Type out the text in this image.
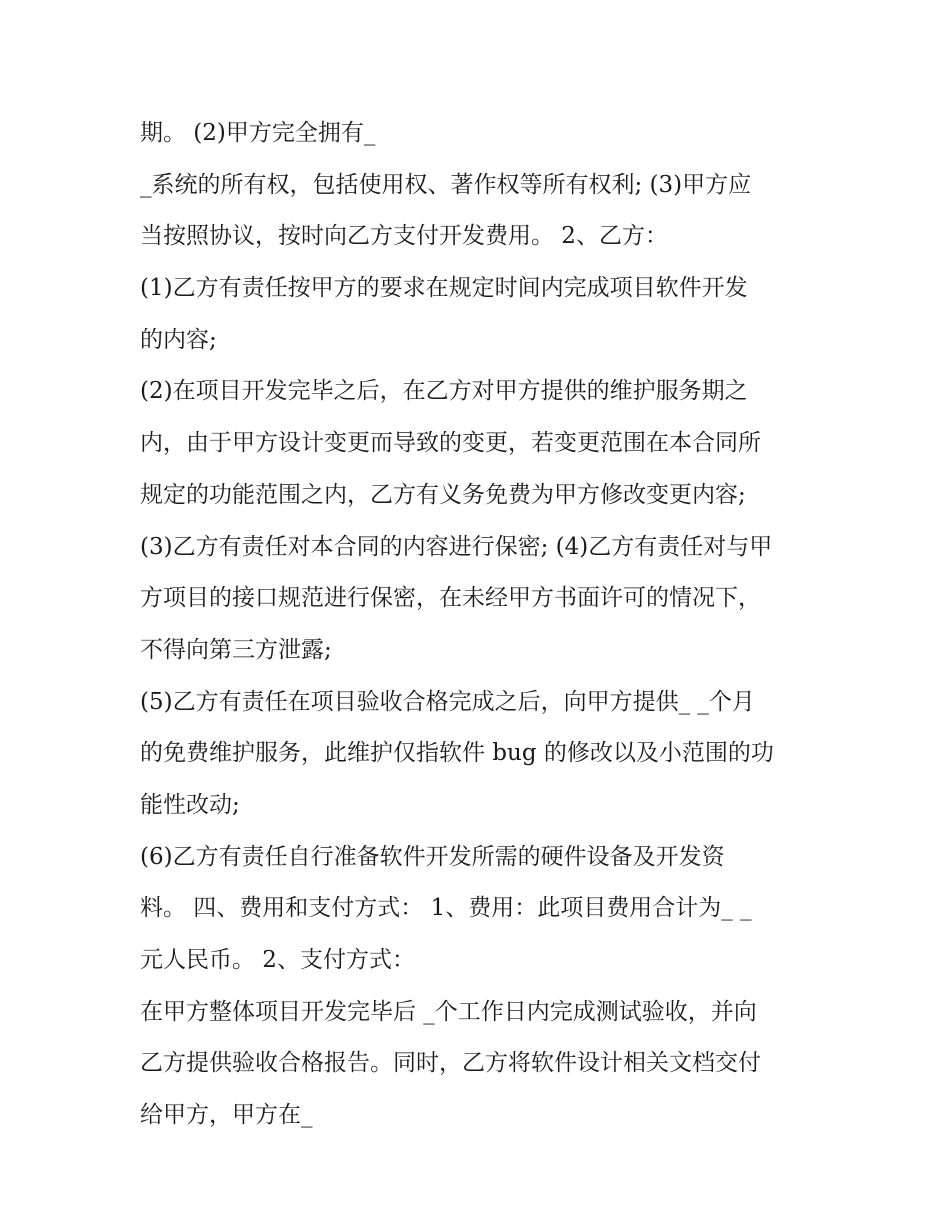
期。 (2)甲方完全拥有_
_系统的所有权，包括使用权、著作权等所有权利; (3)甲方应
当按照协议，按时向乙方支付开发费用。 2、乙方：
(1)乙方有责任按甲方的要求在规定时间内完成项目软件开发
的内容;
(2)在项目开发完毕之后，在乙方对甲方提供的维护服务期之
内，由于甲方设计变更而导致的变更，若变更范围在本合同所
规定的功能范围之内，乙方有义务免费为甲方修改变更内容;
(3)乙方有责任对本合同的内容进行保密; (4)乙方有责任对与甲
方项目的接口规范进行保密，在未经甲方书面许可的情况下，
不得向第三方泄露;
(5)乙方有责任在项目验收合格完成之后，向甲方提供_ _个月
的免费维护服务，此维护仅指软件 bug 的修改以及小范围的功
能性改动;
(6)乙方有责任自行准备软件开发所需的硬件设备及开发资
料。 四、费用和支付方式： 1、费用：此项目费用合计为_ _
元人民币。 2、支付方式：
在甲方整体项目开发完毕后 _个工作日内完成测试验收，并向
乙方提供验收合格报告。同时，乙方将软件设计相关文档交付
给甲方，甲方在_
